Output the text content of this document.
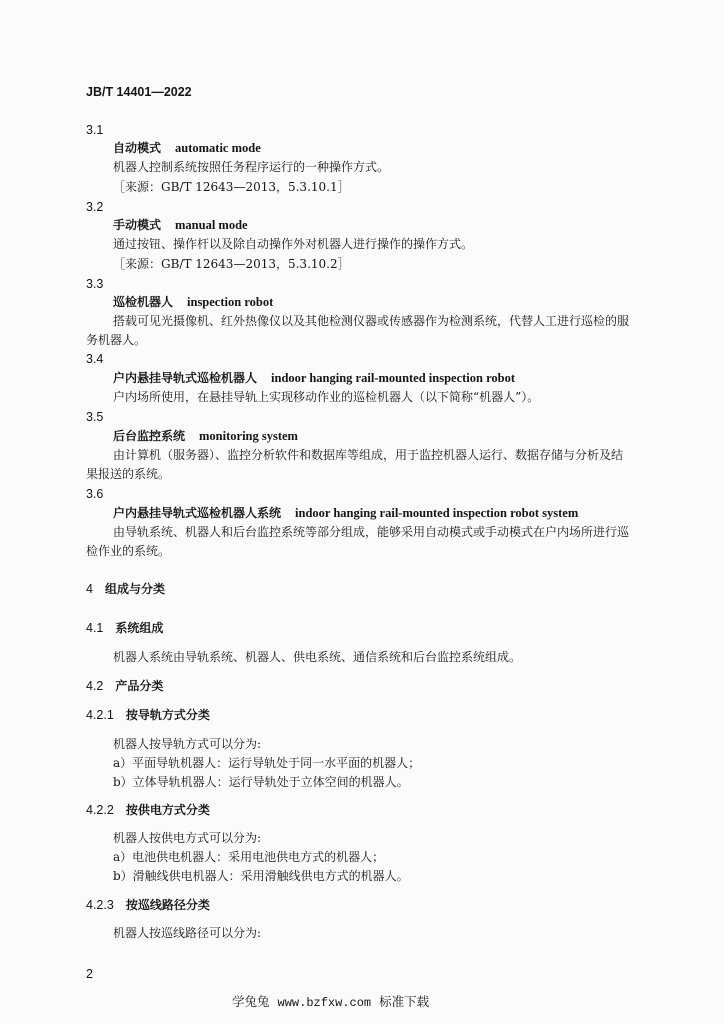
JB/T 14401—2022
3.1
自动模式 automatic mode
机器人控制系统按照任务程序运行的一种操作方式。
［来源：GB/T 12643—2013，5.3.10.1］
3.2
手动模式 manual mode
通过按钮、操作杆以及除自动操作外对机器人进行操作的操作方式。
［来源：GB/T 12643—2013，5.3.10.2］
3.3
巡检机器人 inspection robot
搭载可见光摄像机、红外热像仪以及其他检测仪器或传感器作为检测系统，代替人工进行巡检的服
务机器人。
3.4
户内悬挂导轨式巡检机器人 indoor hanging rail-mounted inspection robot
户内场所使用，在悬挂导轨上实现移动作业的巡检机器人（以下简称“机器人”）。
3.5
后台监控系统 monitoring system
由计算机（服务器）、监控分析软件和数据库等组成，用于监控机器人运行、数据存储与分析及结
果报送的系统。
3.6
户内悬挂导轨式巡检机器人系统 indoor hanging rail-mounted inspection robot system
由导轨系统、机器人和后台监控系统等部分组成，能够采用自动模式或手动模式在户内场所进行巡
检作业的系统。
4 组成与分类
4.1 系统组成
机器人系统由导轨系统、机器人、供电系统、通信系统和后台监控系统组成。
4.2 产品分类
4.2.1 按导轨方式分类
机器人按导轨方式可以分为:
a）平面导轨机器人：运行导轨处于同一水平面的机器人；
b）立体导轨机器人：运行导轨处于立体空间的机器人。
4.2.2 按供电方式分类
机器人按供电方式可以分为:
a）电池供电机器人：采用电池供电方式的机器人；
b）滑触线供电机器人：采用滑触线供电方式的机器人。
4.2.3 按巡线路径分类
机器人按巡线路径可以分为:
2
学兔兔 www.bzfxw.com 标准下载
